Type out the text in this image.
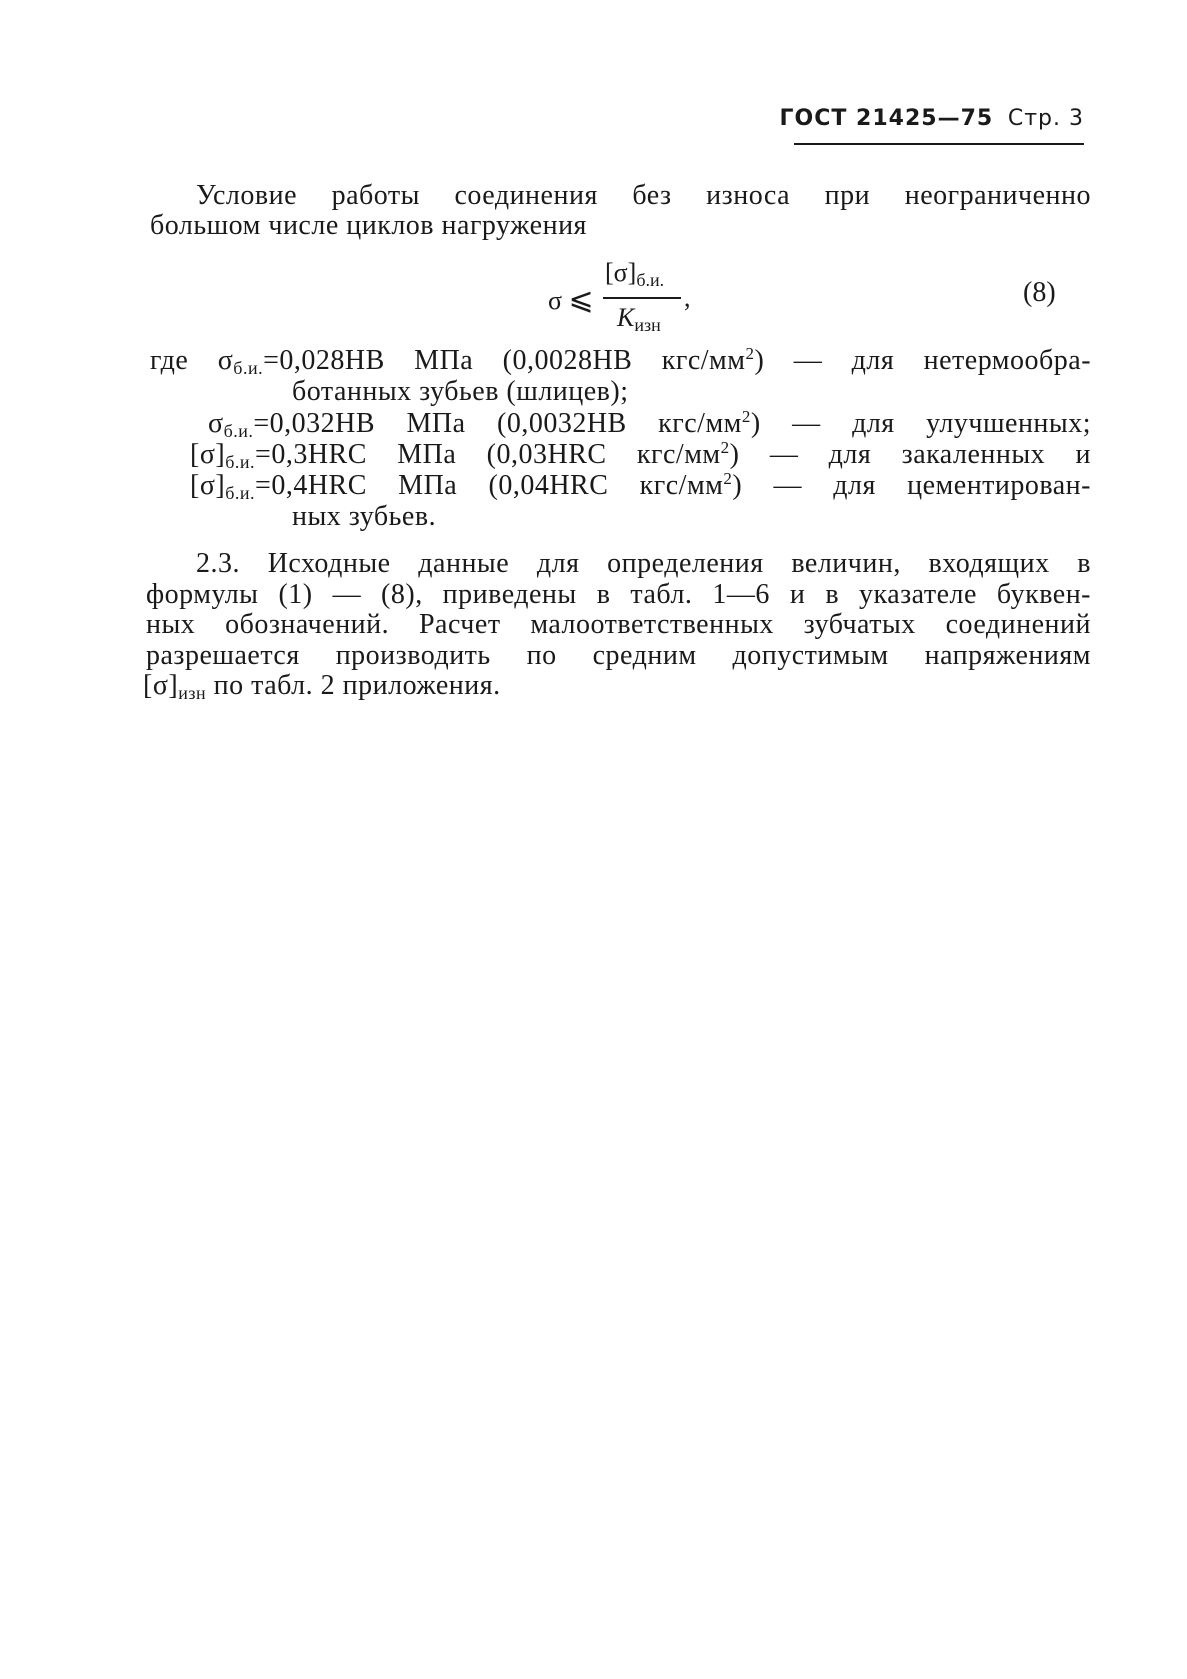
ГОСТ 21425—75 Стр. 3
Условие работы соединения без износа при неограниченно
большом числе циклов нагружения
σ ⩽
$[\sigma]_{б.и.}$
$K_{изн}$
,	(8)
где $\sigma_{б.и.}=0,028HB$ МПа (0,0028HB кгс/$мм^2$) — для нетермообра-
ботанных зубьев (шлицев);
$\sigma_{б.и.}=0,032HB$ МПа (0,0032HB кгс/$мм^2$) — для улучшенных;
$[\sigma]_{б.и.}=0,3HRC$ МПа (0,03HRC кгс/$мм^2$) — для закаленных и
$[\sigma]_{б.и.}=0,4HRC$ МПа (0,04HRC кгс/$мм^2$) — для цементирован-
ных зубьев.
2.3. Исходные данные для определения величин, входящих в
формулы (1) — (8), приведены в табл. 1—6 и в указателе буквен-
ных обозначений. Расчет малоответственных зубчатых соединений
разрешается производить по средним допустимым напряжениям
$[\sigma]_{изн}$ по табл. 2 приложения.
